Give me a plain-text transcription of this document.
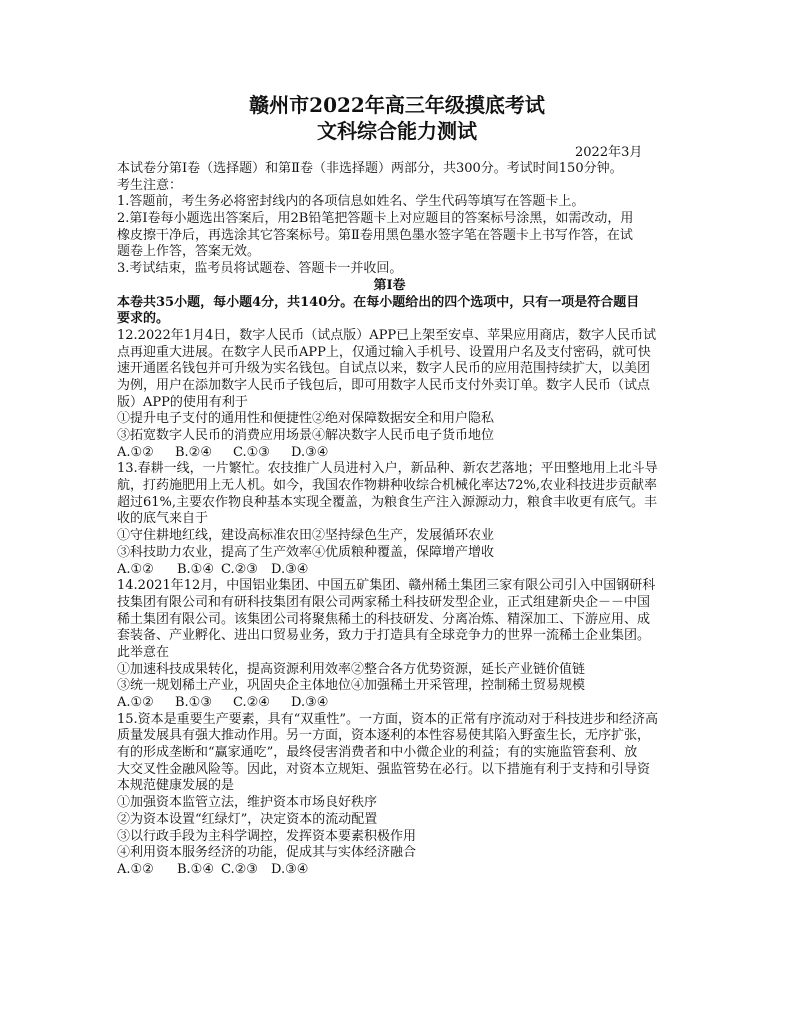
赣州市2022年高三年级摸底考试
文科综合能力测试
2022年3月
本试卷分第Ⅰ卷（选择题）和第Ⅱ卷（非选择题）两部分，共300分。考试时间150分钟。
考生注意：
1.答题前，考生务必将密封线内的各项信息如姓名、学生代码等填写在答题卡上。
2.第Ⅰ卷每小题选出答案后，用2B铅笔把答题卡上对应题目的答案标号涂黑，如需改动，用
橡皮擦干净后，再选涂其它答案标号。第Ⅱ卷用黑色墨水签字笔在答题卡上书写作答，在试
题卷上作答，答案无效。
3.考试结束，监考员将试题卷、答题卡一并收回。
第Ⅰ卷
本卷共35小题，每小题4分，共140分。在每小题给出的四个选项中，只有一项是符合题目
要求的。
12.2022年1月4日，数字人民币（试点版）APP已上架至安卓、苹果应用商店，数字人民币试
点再迎重大进展。在数字人民币APP上，仅通过输入手机号、设置用户名及支付密码，就可快
速开通匿名钱包并可升级为实名钱包。自试点以来，数字人民币的应用范围持续扩大，以美团
为例，用户在添加数字人民币子钱包后，即可用数字人民币支付外卖订单。数字人民币（试点
版）APP的使用有利于
①提升电子支付的通用性和便捷性②绝对保障数据安全和用户隐私
③拓宽数字人民币的消费应用场景④解决数字人民币电子货币地位
A.①② B.②④ C.①③ D.③④
13.春耕一线，一片繁忙。农技推广人员进村入户，新品种、新农艺落地；平田整地用上北斗导
航，打药施肥用上无人机。如今，我国农作物耕种收综合机械化率达72%,农业科技进步贡献率
超过61%,主要农作物良种基本实现全覆盖，为粮食生产注入源源动力，粮食丰收更有底气。丰
收的底气来自于
①守住耕地红线，建设高标准农田②坚持绿色生产，发展循环农业
③科技助力农业，提高了生产效率④优质粮种覆盖，保障增产增收
A.①② B.①④ C.②③ D.③④
14.2021年12月，中国铝业集团、中国五矿集团、赣州稀土集团三家有限公司引入中国钢研科
技集团有限公司和有研科技集团有限公司两家稀土科技研发型企业，正式组建新央企－－中国
稀土集团有限公司。该集团公司将聚焦稀土的科技研发、分离冶炼、精深加工、下游应用、成
套装备、产业孵化、进出口贸易业务，致力于打造具有全球竞争力的世界一流稀土企业集团。
此举意在
①加速科技成果转化，提高资源利用效率②整合各方优势资源，延长产业链价值链
③统一规划稀土产业，巩固央企主体地位④加强稀土开采管理，控制稀土贸易规模
A.①② B.①③ C.②④ D.③④
15.资本是重要生产要素，具有“双重性”。一方面，资本的正常有序流动对于科技进步和经济高
质量发展具有强大推动作用。另一方面，资本逐利的本性容易使其陷入野蛮生长，无序扩张，
有的形成垄断和“赢家通吃”，最终侵害消费者和中小微企业的利益；有的实施监管套利、放
大交叉性金融风险等。因此，对资本立规矩、强监管势在必行。以下措施有利于支持和引导资
本规范健康发展的是
①加强资本监管立法，维护资本市场良好秩序
②为资本设置“红绿灯”，决定资本的流动配置
③以行政手段为主科学调控，发挥资本要素积极作用
④利用资本服务经济的功能，促成其与实体经济融合
A.①② B.①④ C.②③ D.③④
